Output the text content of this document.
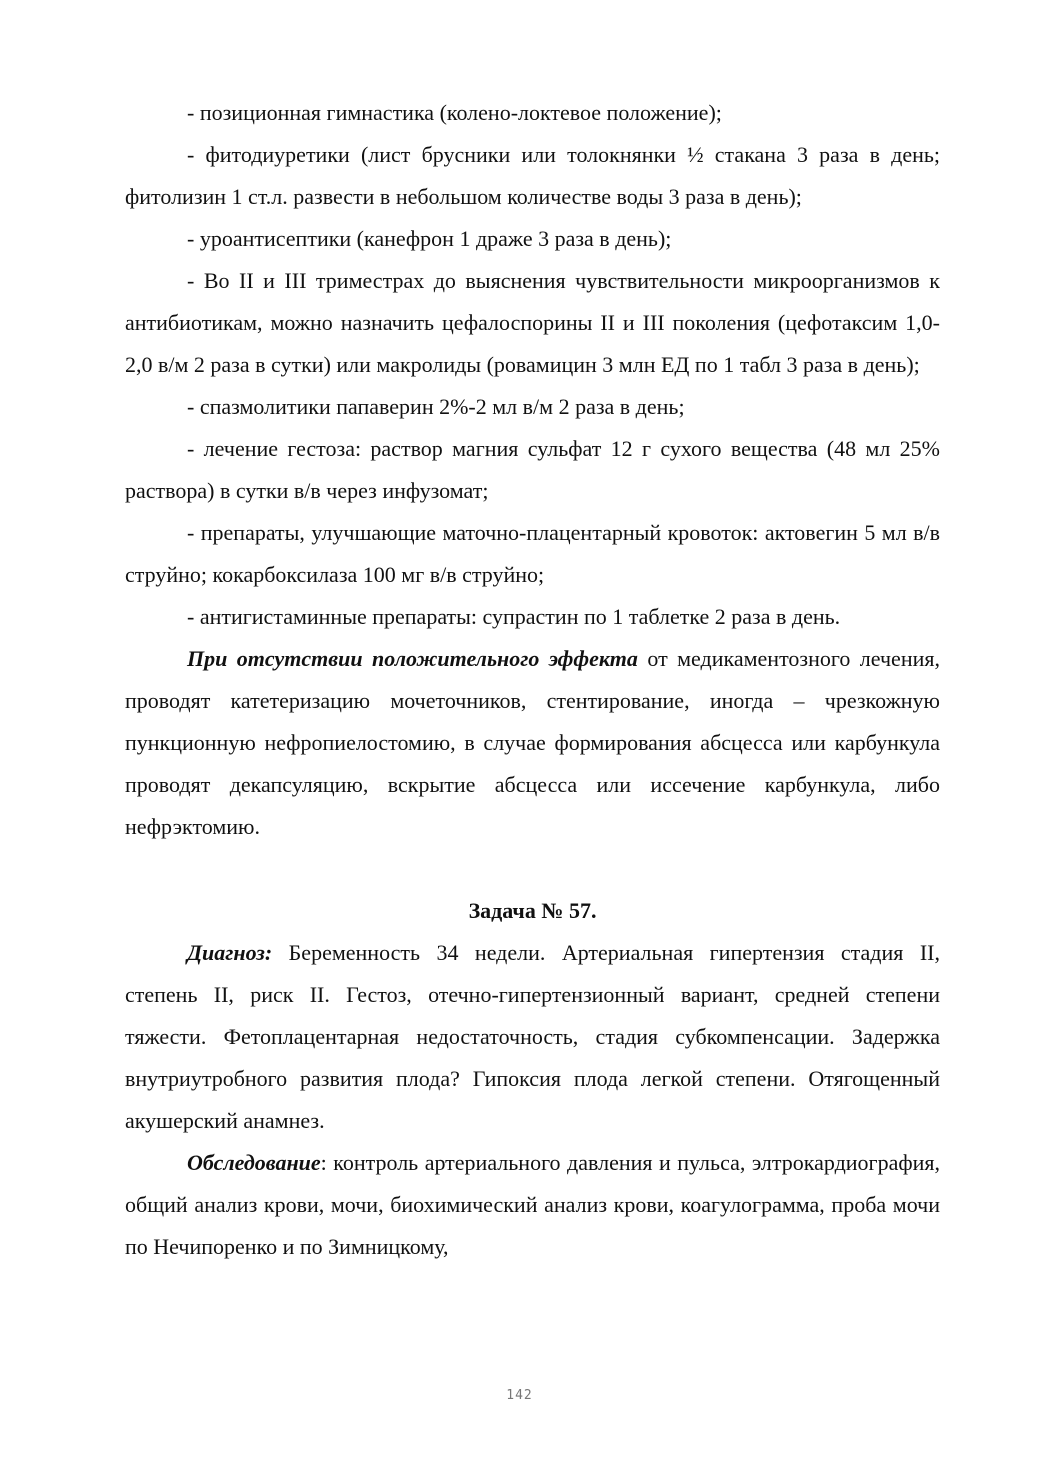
- позиционная гимнастика (колено-локтевое положение);

- фитодиуретики (лист брусники или толокнянки ½ стакана 3 раза в день; фитолизин 1 ст.л. развести в небольшом количестве воды 3 раза в день);

- уроантисептики (канефрон 1 драже 3 раза в день);

- Во II и III триместрах до выяснения чувствительности микроорганизмов к антибиотикам, можно назначить цефалоспорины II и III поколения (цефотаксим 1,0-2,0 в/м 2 раза в сутки) или макролиды (ровамицин 3 млн ЕД по 1 табл 3 раза в день);

- спазмолитики папаверин 2%-2 мл в/м 2 раза в день;

- лечение гестоза: раствор магния сульфат 12 г сухого вещества (48 мл 25% раствора) в сутки в/в через инфузомат;

- препараты, улучшающие маточно-плацентарный кровоток: актовегин 5 мл в/в струйно; кокарбоксилаза 100 мг в/в струйно;

- антигистаминные препараты: супрастин по 1 таблетке 2 раза в день.

При отсутствии положительного эффекта от медикаментозного лечения, проводят катетеризацию мочеточников, стентирование, иногда – чрезкожную пункционную нефропиелостомию, в случае формирования абсцесса или карбункула проводят декапсуляцию, вскрытие абсцесса или иссечение карбункула, либо нефрэктомию.

Задача № 57.

Диагноз: Беременность 34 недели. Артериальная гипертензия стадия II, степень II, риск II. Гестоз, отечно-гипертензионный вариант, средней степени тяжести. Фетоплацентарная недостаточность, стадия субкомпенсации. Задержка внутриутробного развития плода? Гипоксия плода легкой степени. Отягощенный акушерский анамнез.

Обследование: контроль артериального давления и пульса, элтрокардиография, общий анализ крови, мочи, биохимический анализ крови, коагулограмма, проба мочи по Нечипоренко и по Зимницкому,

142
